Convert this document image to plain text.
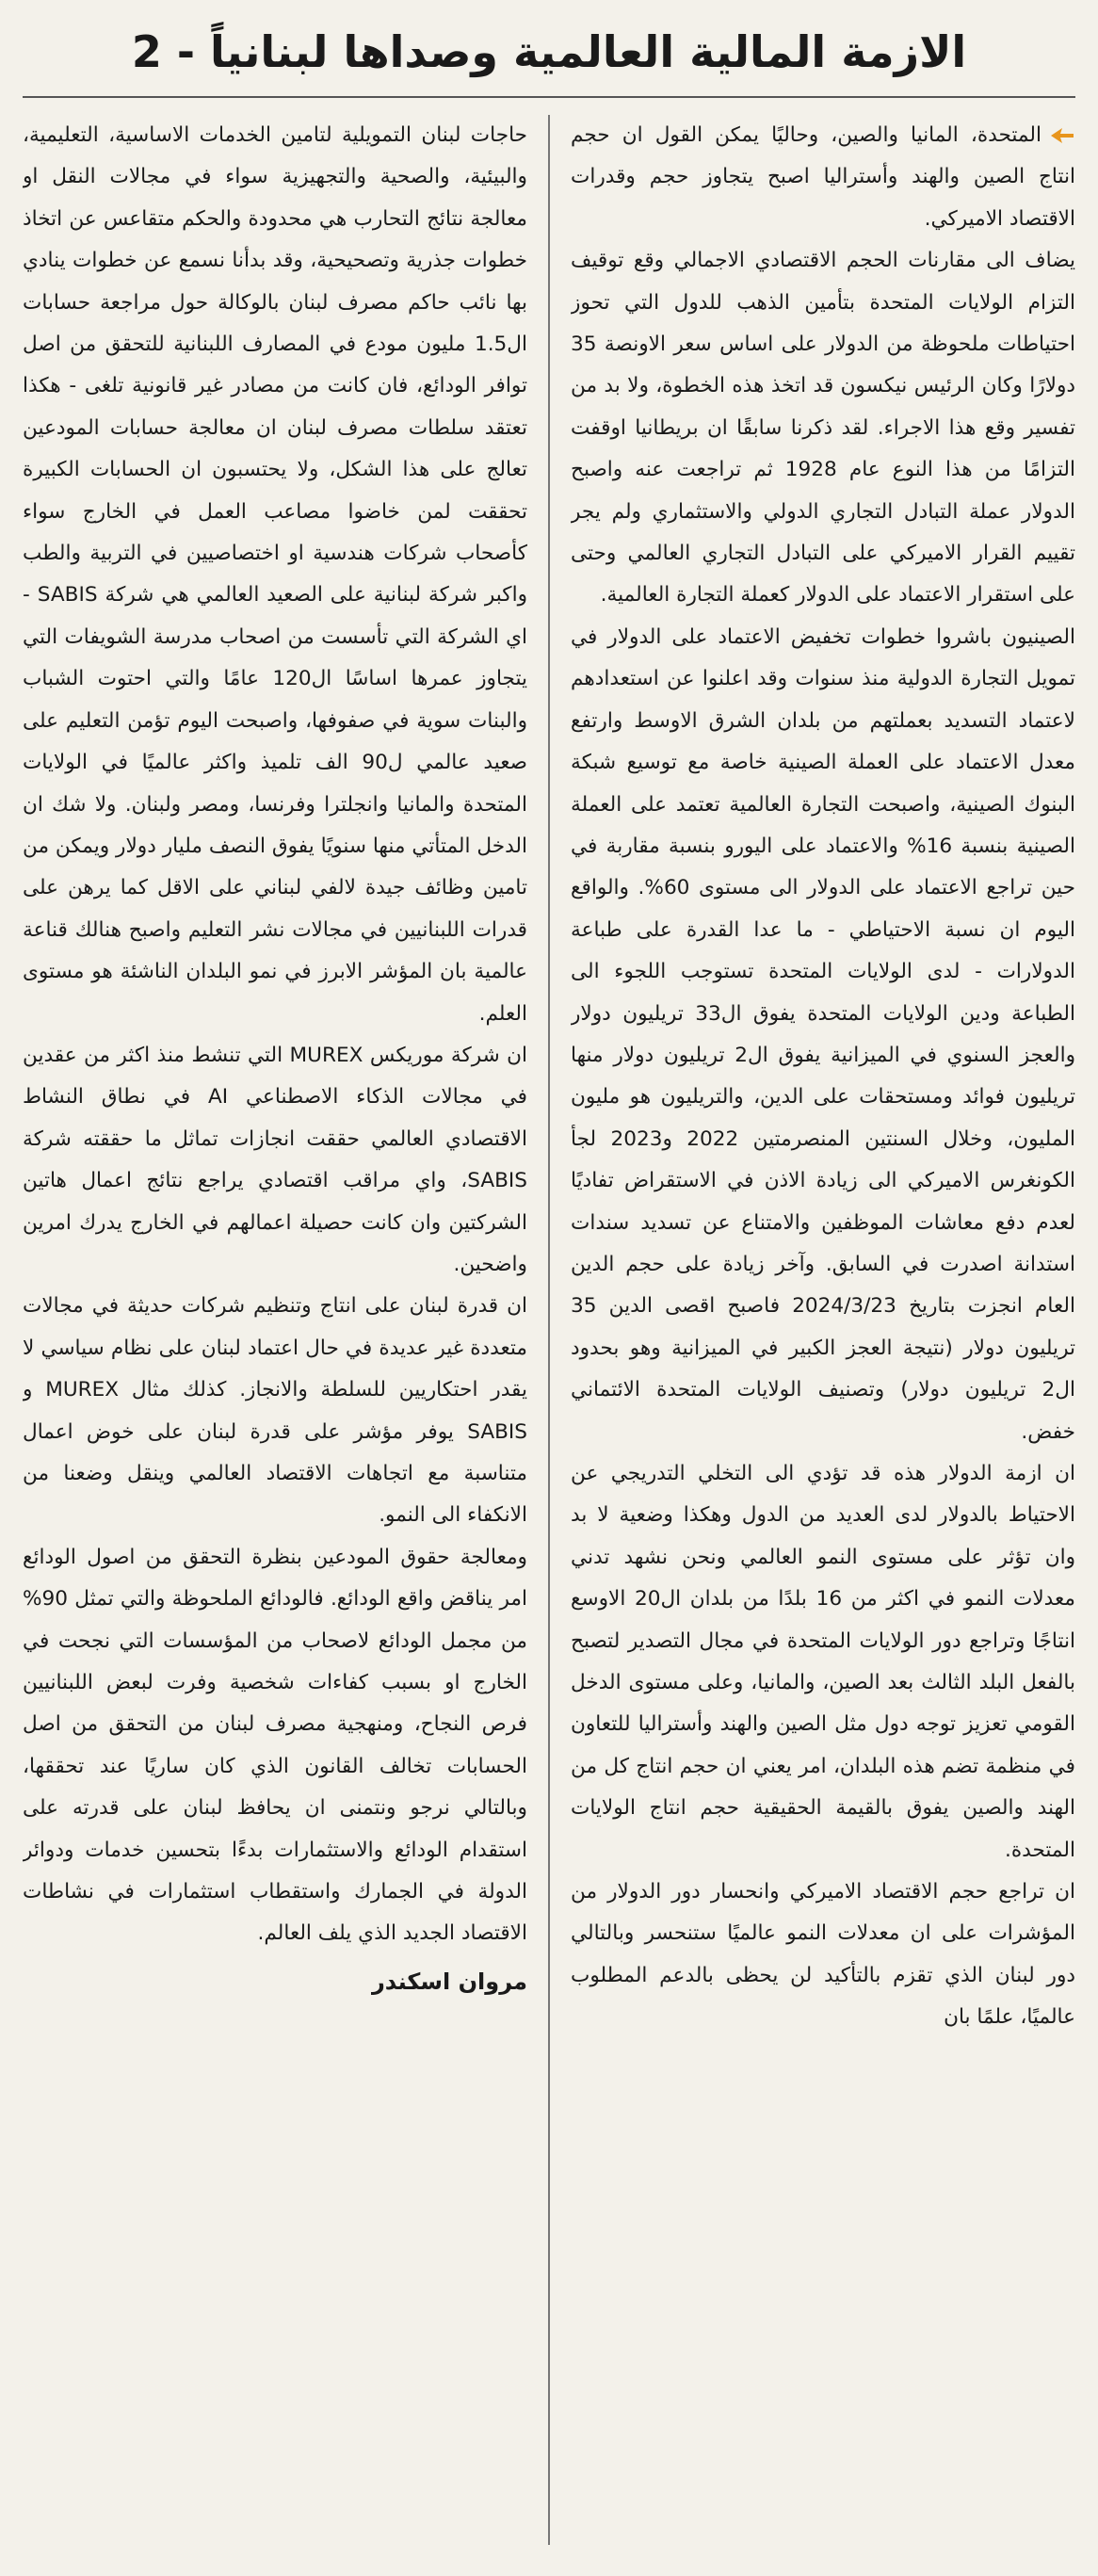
الازمة المالية العالمية وصداها لبنانياً - 2

المتحدة، المانيا والصين، وحاليًا يمكن القول ان حجم انتاج الصين والهند وأستراليا اصبح يتجاوز حجم وقدرات الاقتصاد الاميركي.

يضاف الى مقارنات الحجم الاقتصادي الاجمالي وقع توقيف التزام الولايات المتحدة بتأمين الذهب للدول التي تحوز احتياطات ملحوظة من الدولار على اساس سعر الاونصة 35 دولارًا وكان الرئيس نيكسون قد اتخذ هذه الخطوة، ولا بد من تفسير وقع هذا الاجراء. لقد ذكرنا سابقًا ان بريطانيا اوقفت التزامًا من هذا النوع عام 1928 ثم تراجعت عنه واصبح الدولار عملة التبادل التجاري الدولي والاستثماري ولم يجر تقييم القرار الاميركي على التبادل التجاري العالمي وحتى على استقرار الاعتماد على الدولار كعملة التجارة العالمية.

الصينيون باشروا خطوات تخفيض الاعتماد على الدولار في تمويل التجارة الدولية منذ سنوات وقد اعلنوا عن استعدادهم لاعتماد التسديد بعملتهم من بلدان الشرق الاوسط وارتفع معدل الاعتماد على العملة الصينية خاصة مع توسيع شبكة البنوك الصينية، واصبحت التجارة العالمية تعتمد على العملة الصينية بنسبة 16% والاعتماد على اليورو بنسبة مقاربة في حين تراجع الاعتماد على الدولار الى مستوى 60%. والواقع اليوم ان نسبة الاحتياطي - ما عدا القدرة على طباعة الدولارات - لدى الولايات المتحدة تستوجب اللجوء الى الطباعة ودين الولايات المتحدة يفوق ال33 تريليون دولار والعجز السنوي في الميزانية يفوق ال2 تريليون دولار منها تريليون فوائد ومستحقات على الدين، والتريليون هو مليون المليون، وخلال السنتين المنصرمتين 2022 و2023 لجأ الكونغرس الاميركي الى زيادة الاذن في الاستقراض تفاديًا لعدم دفع معاشات الموظفين والامتناع عن تسديد سندات استدانة اصدرت في السابق. وآخر زيادة على حجم الدين العام انجزت بتاريخ 2024/3/23 فاصبح اقصى الدين 35 تريليون دولار (نتيجة العجز الكبير في الميزانية وهو بحدود ال2 تريليون دولار) وتصنيف الولايات المتحدة الائتماني خفض.

ان ازمة الدولار هذه قد تؤدي الى التخلي التدريجي عن الاحتياط بالدولار لدى العديد من الدول وهكذا وضعية لا بد وان تؤثر على مستوى النمو العالمي ونحن نشهد تدني معدلات النمو في اكثر من 16 بلدًا من بلدان ال20 الاوسع انتاجًا وتراجع دور الولايات المتحدة في مجال التصدير لتصبح بالفعل البلد الثالث بعد الصين، والمانيا، وعلى مستوى الدخل القومي تعزيز توجه دول مثل الصين والهند وأستراليا للتعاون في منظمة تضم هذه البلدان، امر يعني ان حجم انتاج كل من الهند والصين يفوق بالقيمة الحقيقية حجم انتاج الولايات المتحدة.

ان تراجع حجم الاقتصاد الاميركي وانحسار دور الدولار من المؤشرات على ان معدلات النمو عالميًا ستنحسر وبالتالي دور لبنان الذي تقزم بالتأكيد لن يحظى بالدعم المطلوب عالميًا، علمًا بان

حاجات لبنان التمويلية لتامين الخدمات الاساسية، التعليمية، والبيئية، والصحية والتجهيزية سواء في مجالات النقل او معالجة نتائج التحارب هي محدودة والحكم متقاعس عن اتخاذ خطوات جذرية وتصحيحية، وقد بدأنا نسمع عن خطوات ينادي بها نائب حاكم مصرف لبنان بالوكالة حول مراجعة حسابات ال1.5 مليون مودع في المصارف اللبنانية للتحقق من اصل توافر الودائع، فان كانت من مصادر غير قانونية تلغى - هكذا تعتقد سلطات مصرف لبنان ان معالجة حسابات المودعين تعالج على هذا الشكل، ولا يحتسبون ان الحسابات الكبيرة تحققت لمن خاضوا مصاعب العمل في الخارج سواء كأصحاب شركات هندسية او اختصاصيين في التربية والطب واكبر شركة لبنانية على الصعيد العالمي هي شركة SABIS - اي الشركة التي تأسست من اصحاب مدرسة الشويفات التي يتجاوز عمرها اساسًا ال120 عامًا والتي احتوت الشباب والبنات سوية في صفوفها، واصبحت اليوم تؤمن التعليم على صعيد عالمي ل90 الف تلميذ واكثر عالميًا في الولايات المتحدة والمانيا وانجلترا وفرنسا، ومصر ولبنان. ولا شك ان الدخل المتأتي منها سنويًا يفوق النصف مليار دولار ويمكن من تامين وظائف جيدة لالفي لبناني على الاقل كما يرهن على قدرات اللبنانيين في مجالات نشر التعليم واصبح هنالك قناعة عالمية بان المؤشر الابرز في نمو البلدان الناشئة هو مستوى العلم.

ان شركة موريكس MUREX التي تنشط منذ اكثر من عقدين في مجالات الذكاء الاصطناعي AI في نطاق النشاط الاقتصادي العالمي حققت انجازات تماثل ما حققته شركة SABIS، واي مراقب اقتصادي يراجع نتائج اعمال هاتين الشركتين وان كانت حصيلة اعمالهم في الخارج يدرك امرين واضحين.

ان قدرة لبنان على انتاج وتنظيم شركات حديثة في مجالات متعددة غير عديدة في حال اعتماد لبنان على نظام سياسي لا يقدر احتكاريين للسلطة والانجاز. كذلك مثال MUREX و SABIS يوفر مؤشر على قدرة لبنان على خوض اعمال متناسبة مع اتجاهات الاقتصاد العالمي وينقل وضعنا من الانكفاء الى النمو.

ومعالجة حقوق المودعين بنظرة التحقق من اصول الودائع امر يناقض واقع الودائع. فالودائع الملحوظة والتي تمثل 90% من مجمل الودائع لاصحاب من المؤسسات التي نجحت في الخارج او بسبب كفاءات شخصية وفرت لبعض اللبنانيين فرص النجاح، ومنهجية مصرف لبنان من التحقق من اصل الحسابات تخالف القانون الذي كان ساريًا عند تحققها، وبالتالي نرجو ونتمنى ان يحافظ لبنان على قدرته على استقدام الودائع والاستثمارات بدءًا بتحسين خدمات ودوائر الدولة في الجمارك واستقطاب استثمارات في نشاطات الاقتصاد الجديد الذي يلف العالم.

مروان اسكندر
